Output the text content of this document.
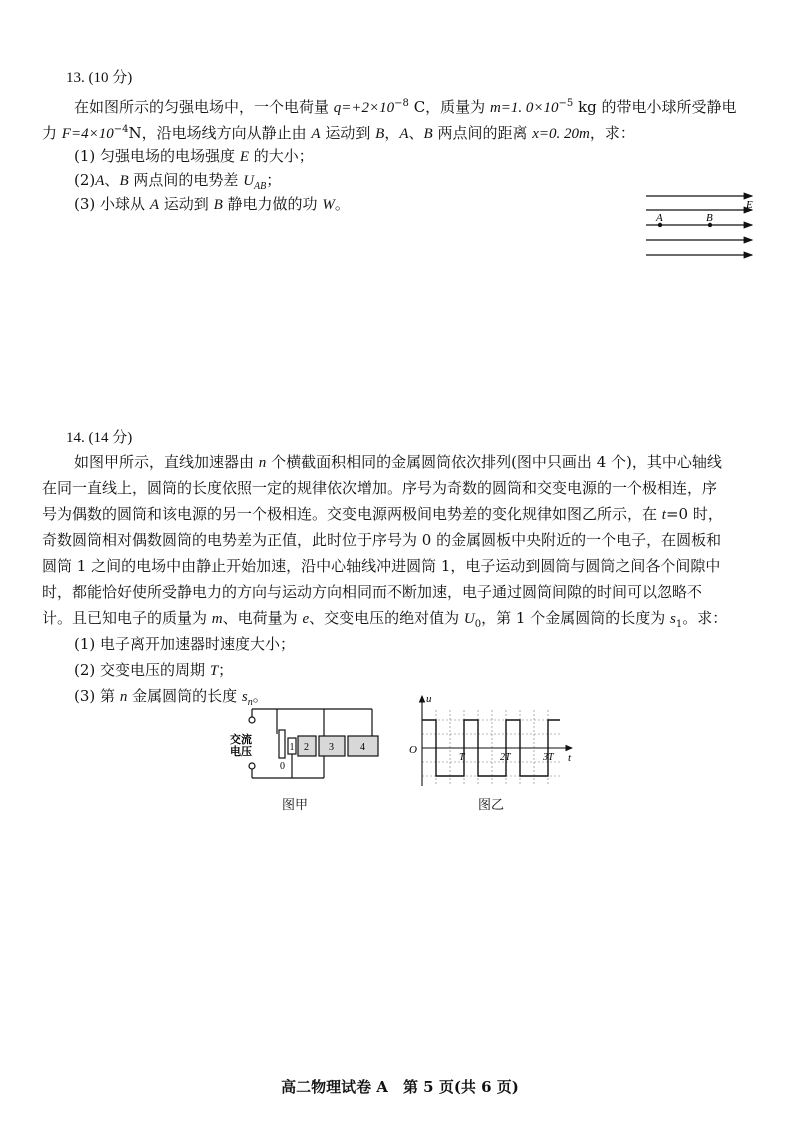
13. (10 分)
在如图所示的匀强电场中，一个电荷量 $q=+2\times 10^{-8}$ C，质量为 m=1. $0\times 10^{-5}$ kg 的带电小球所受静电
力 $F=4\times 10^{-4}N$，沿电场线方向从静止由 A 运动到 B，A、B 两点间的距离 x=0. 20m，求：
(1) 匀强电场的电场强度 E 的大小；
(2)A、B 两点间的电势差 $U_{AB}$；
(3) 小球从 A 运动到 B 静电力做的功 W。
A	B
E
14. (14 分)
如图甲所示，直线加速器由 n 个横截面积相同的金属圆筒依次排列(图中只画出 4 个)，其中心轴线
在同一直线上，圆筒的长度依照一定的规律依次增加。序号为奇数的圆筒和交变电源的一个极相连，序
号为偶数的圆筒和该电源的另一个极相连。交变电源两极间电势差的变化规律如图乙所示，在 t=0 时，
奇数圆筒相对偶数圆筒的电势差为正值，此时位于序号为 0 的金属圆板中央附近的一个电子，在圆板和
圆筒 1 之间的电场中由静止开始加速，沿中心轴线冲进圆筒 1，电子运动到圆筒与圆筒之间各个间隙中
时，都能恰好使所受静电力的方向与运动方向相同而不断加速，电子通过圆筒间隙的时间可以忽略不
计。且已知电子的质量为 m、电荷量为 e、交变电压的绝对值为 $U_0$，第 1 个金属圆筒的长度为 $s_1$。求：
(1) 电子离开加速器时速度大小；
(2) 交变电压的周期 T；
(3) 第 n 金属圆筒的长度 $s_n$。
交流
电压
0
1 2 3	4
图甲
u
t
O
T	2T	3T
图乙
高二物理试卷 A　第 5 页(共 6 页)
